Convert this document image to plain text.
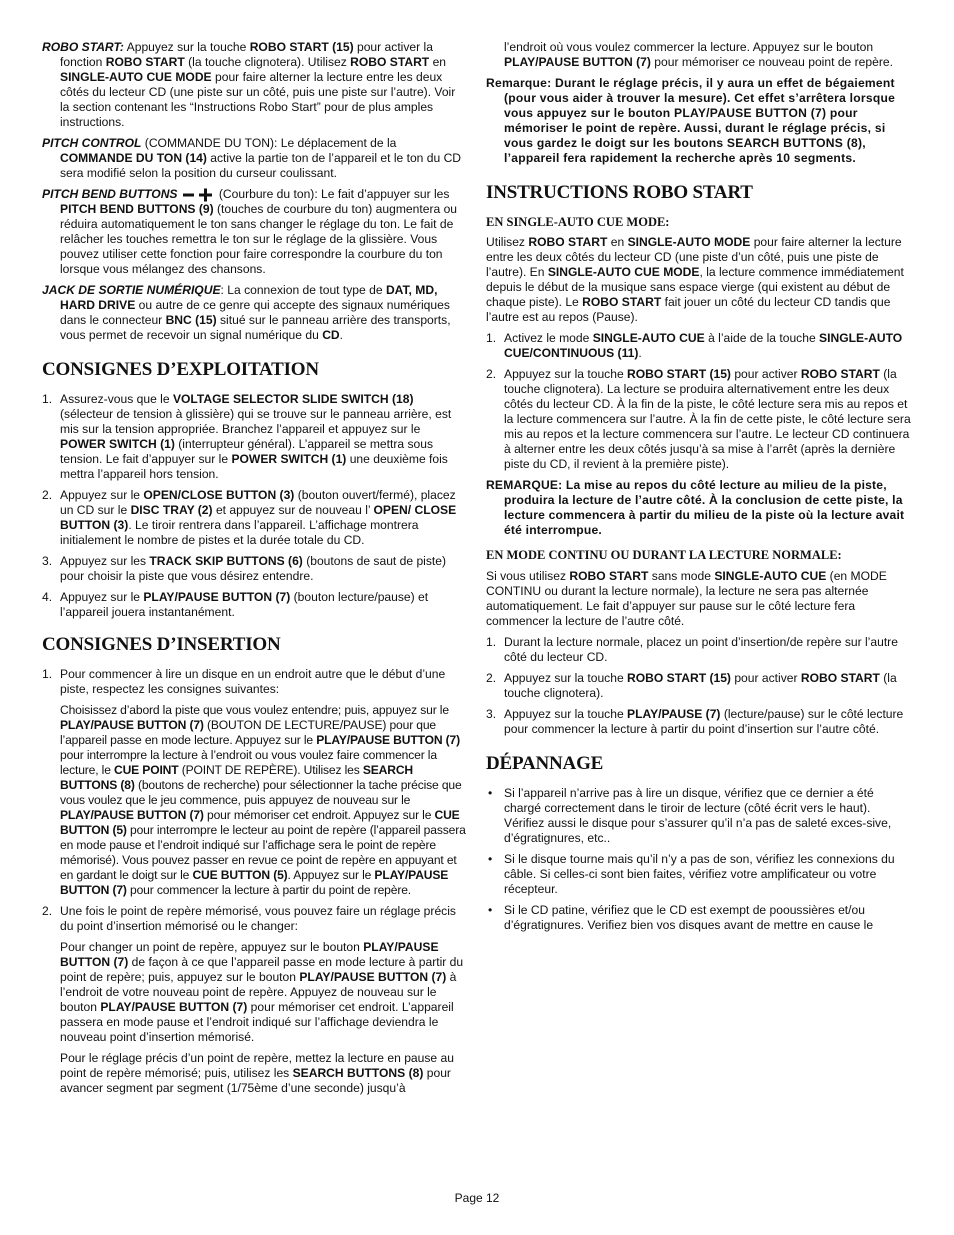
ROBO START: Appuyez sur la touche ROBO START (15) pour activer la fonction ROBO START (la touche clignotera). Utilisez ROBO START en SINGLE-AUTO CUE MODE pour faire alterner la lecture entre les deux côtés du lecteur CD (une piste sur un côté, puis une piste sur l’autre). Voir la section contenant les “Instructions Robo Start” pour de plus amples instructions.

PITCH CONTROL (COMMANDE DU TON): Le déplacement de la COMMANDE DU TON (14) active la partie ton de l’appareil et le ton du CD sera modifié selon la position du curseur coulissant.

PITCH BEND BUTTONS	(Courbure du ton): Le fait d’appuyer sur les PITCH BEND BUTTONS (9) (touches de courbure du ton) augmentera ou réduira automatiquement le ton sans changer le réglage du ton. Le fait de relâcher les touches remettra le ton sur le réglage de la glissière. Vous pouvez utiliser cette fonction pour faire correspondre la courbure du ton lorsque vous mélangez des chansons.

JACK DE SORTIE NUMÉRIQUE: La connexion de tout type de DAT, MD, HARD DRIVE ou autre de ce genre qui accepte des signaux numériques dans le connecteur BNC (15) situé sur le panneau arrière des transports, vous permet de recevoir un signal numérique du CD.

CONSIGNES D’EXPLOITATION
1. Assurez-vous que le VOLTAGE SELECTOR SLIDE SWITCH (18) (sélecteur de tension à glissière) qui se trouve sur le panneau arrière, est mis sur la tension appropriée. Branchez l’appareil et appuyez sur le POWER SWITCH (1) (interrupteur général). L’appareil se mettra sous tension. Le fait d’appuyer sur le POWER SWITCH (1) une deuxième fois mettra l’appareil hors tension.
2. Appuyez sur le OPEN/CLOSE BUTTON (3) (bouton ouvert/fermé), placez un CD sur le DISC TRAY (2) et appuyez sur de nouveau l’ OPEN/ CLOSE BUTTON (3). Le tiroir rentrera dans l’appareil. L’affichage montrera initialement le nombre de pistes et la durée totale du CD.
3. Appuyez sur les TRACK SKIP BUTTONS (6) (boutons de saut de piste) pour choisir la piste que vous désirez entendre.
4. Appuyez sur le PLAY/PAUSE BUTTON (7) (bouton lecture/pause) et l’appareil jouera instantanément.
CONSIGNES D’INSERTION
1. Pour commencer à lire un disque en un endroit autre que le début d’une piste, respectez les consignes suivantes:

Choisissez d’abord la piste que vous voulez entendre; puis, appuyez sur le PLAY/PAUSE BUTTON (7) (BOUTON DE LECTURE/PAUSE) pour que l’appareil passe en mode lecture. Appuyez sur le PLAY/PAUSE BUTTON (7) pour interrompre la lecture à l’endroit ou vous voulez faire commencer la lecture, le CUE POINT (POINT DE REPÈRE). Utilisez les SEARCH BUTTONS (8) (boutons de recherche) pour sélectionner la tache précise que vous voulez que le jeu commence, puis appuyez de nouveau sur le PLAY/PAUSE BUTTON (7) pour mémoriser cet endroit. Appuyez sur le CUE BUTTON (5) pour interrompre le lecteur au point de repère (l’appareil passera en mode pause et l’endroit indiqué sur l’affichage sera le point de repère mémorisé). Vous pouvez passer en revue ce point de repère en appuyant et en gardant le doigt sur le CUE BUTTON (5). Appuyez sur le PLAY/PAUSE BUTTON (7) pour commencer la lecture à partir du point de repère.

2. Une fois le point de repère mémorisé, vous pouvez faire un réglage précis du point d’insertion mémorisé ou le changer:

Pour changer un point de repère, appuyez sur le bouton PLAY/PAUSE BUTTON (7) de façon à ce que l’appareil passe en mode lecture à partir du point de repère; puis, appuyez sur le bouton PLAY/PAUSE BUTTON (7) à l’endroit de votre nouveau point de repère. Appuyez de nouveau sur le bouton PLAY/PAUSE BUTTON (7) pour mémoriser cet endroit. L’appareil passera en mode pause et l’endroit indiqué sur l’affichage deviendra le nouveau point d’insertion mémorisé.

Pour le réglage précis d’un point de repère, mettez la lecture en pause au point de repère mémorisé; puis, utilisez les SEARCH BUTTONS (8) pour avancer segment par segment (1/75ème d’une seconde) jusqu’à

l’endroit où vous voulez commercer la lecture. Appuyez sur le bouton PLAY/PAUSE BUTTON (7) pour mémoriser ce nouveau point de repère.

Remarque: Durant le réglage précis, il y aura un effet de bégaiement (pour vous aider à trouver la mesure). Cet effet s’arrêtera lorsque vous appuyez sur le bouton PLAY/PAUSE BUTTON (7) pour mémoriser le point de repère. Aussi, durant le réglage précis, si vous gardez le doigt sur les boutons SEARCH BUTTONS (8), l’appareil fera rapidement la recherche après 10 segments.

INSTRUCTIONS ROBO START
EN SINGLE-AUTO CUE MODE:

Utilisez ROBO START en SINGLE-AUTO MODE pour faire alterner la lecture entre les deux côtés du lecteur CD (une piste d’un côté, puis une piste de l’autre). En SINGLE-AUTO CUE MODE, la lecture commence immédiatement depuis le début de la musique sans espace vierge (qui existent au début de chaque piste). Le ROBO START fait jouer un côté du lecteur CD tandis que l’autre est au repos (Pause).

1. Activez le mode SINGLE-AUTO CUE à l’aide de la touche SINGLE-AUTO CUE/CONTINUOUS (11).
2. Appuyez sur la touche ROBO START (15) pour activer ROBO START (la touche clignotera). La lecture se produira alternativement entre les deux côtés du lecteur CD. À la fin de la piste, le côté lecture sera mis au repos et la lecture commencera sur l’autre. À la fin de cette piste, le côté lecture sera mis au repos et la lecture commencera sur l’autre. Le lecteur CD continuera à alterner entre les deux côtés jusqu’à sa mise à l’arrêt (après la dernière piste du CD, il revient à la première piste).

REMARQUE: La mise au repos du côté lecture au milieu de la piste, produira la lecture de l’autre côté. À la conclusion de cette piste, la lecture commencera à partir du milieu de la piste où la lecture avait été interrompue.

EN MODE CONTINU OU DURANT LA LECTURE NORMALE:

Si vous utilisez ROBO START sans mode SINGLE-AUTO CUE (en MODE CONTINU ou durant la lecture normale), la lecture ne sera pas alternée automatiquement. Le fait d’appuyer sur pause sur le côté lecture fera commencer la lecture de l’autre côté.

1. Durant la lecture normale, placez un point d’insertion/de repère sur l’autre côté du lecteur CD.
2. Appuyez sur la touche ROBO START (15) pour activer ROBO START (la touche clignotera).
3. Appuyez sur la touche PLAY/PAUSE (7) (lecture/pause) sur le côté lecture pour commencer la lecture à partir du point d’insertion sur l’autre côté.
DÉPANNAGE
• Si l’appareil n’arrive pas à lire un disque, vérifiez que ce dernier a été chargé correctement dans le tiroir de lecture (côté écrit vers le haut). Vérifiez aussi le disque pour s’assurer qu’il n’a pas de saleté exces-sive, d’égratignures, etc..
• Si le disque tourne mais qu’il n’y a pas de son, vérifiez les connexions du câble. Si celles-ci sont bien faites, vérifiez votre amplificateur ou votre récepteur.
• Si le CD patine, vérifiez que le CD est exempt de pooussières et/ou d’égratignures. Verifiez bien vos disques avant de mettre en cause le
Page 12
